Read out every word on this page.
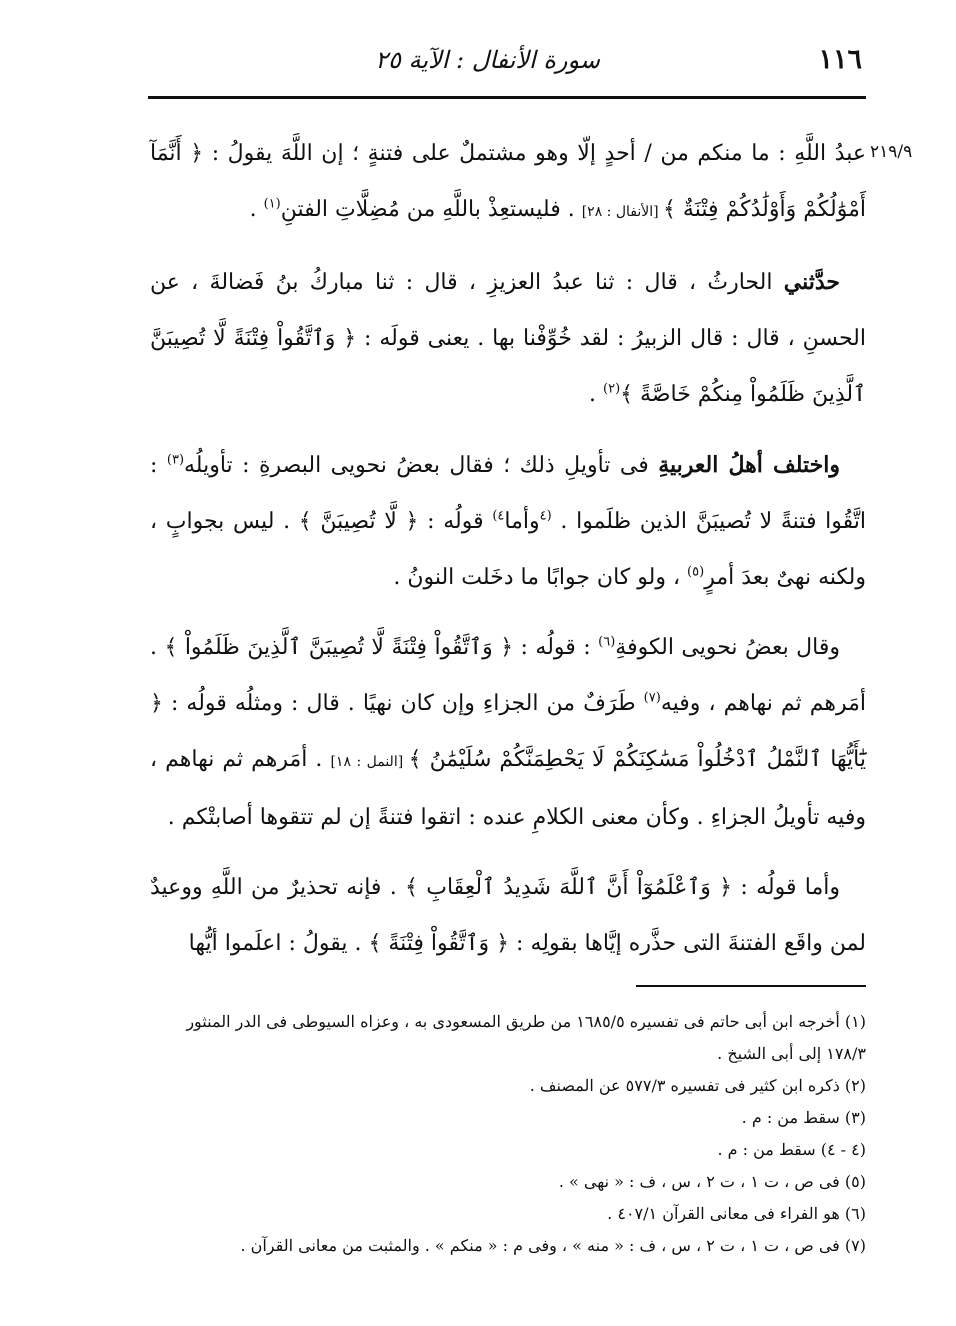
١١٦
سورة الأنفال : الآية ٢٥
٢١٩/٩

عبدُ اللَّهِ : ما منكم من / أحدٍ إلّا وهو مشتملٌ على فتنةٍ ؛ إن اللَّهَ يقولُ : ﴿ أَنَّمَآ أَمْوَٰلُكُمْ وَأَوْلَٰدُكُمْ فِتْنَةٌ ﴾ [الأنفال : ٢٨] . فليستعِذْ باللَّهِ من مُضِلَّاتِ الفتنِ$^{(١)}$ .

حدَّثني الحارثُ ، قال : ثنا عبدُ العزيزِ ، قال : ثنا مباركُ بنُ فَضالةَ ، عن الحسنِ ، قال : قال الزبيرُ : لقد خُوِّفْنا بها . يعنى قولَه : ﴿ وَٱتَّقُواْ فِتْنَةً لَّا تُصِيبَنَّ ٱلَّذِينَ ظَلَمُواْ مِنكُمْ خَاصَّةً ﴾$^{(٢)}$ .

واختلف أهلُ العربيةِ فى تأويلِ ذلك ؛ فقال بعضُ نحويى البصرةِ : تأويلُه$^{(٣)}$ : اتَّقُوا فتنةً لا تُصيبَنَّ الذين ظلَموا . $^{(٤}$وأما$^{٤)}$ قولُه : ﴿ لَّا تُصِيبَنَّ ﴾ . ليس بجوابٍ ، ولكنه نهىٌ بعدَ أمرٍ$^{(٥)}$ ، ولو كان جوابًا ما دخَلت النونُ .

وقال بعضُ نحويى الكوفةِ$^{(٦)}$ : قولُه : ﴿ وَٱتَّقُواْ فِتْنَةً لَّا تُصِيبَنَّ ٱلَّذِينَ ظَلَمُواْ ﴾ . أمَرهم ثم نهاهم ، وفيه$^{(٧)}$ طَرَفٌ من الجزاءِ وإن كان نهيًا . قال : ومثلُه قولُه : ﴿ يَٰٓأَيُّهَا ٱلنَّمْلُ ٱدْخُلُواْ مَسَٰكِنَكُمْ لَا يَحْطِمَنَّكُمْ سُلَيْمَٰنُ ﴾ [النمل : ١٨] . أمَرهم ثم نهاهم ، وفيه تأويلُ الجزاءِ . وكأن معنى الكلامِ عنده : اتقوا فتنةً إن لم تتقوها أصابتْكم .

وأما قولُه : ﴿ وَٱعْلَمُوٓاْ أَنَّ ٱللَّهَ شَدِيدُ ٱلْعِقَابِ ﴾ . فإنه تحذيرٌ من اللَّهِ ووعيدٌ لمن واقَع الفتنةَ التى حذَّره إيَّاها بقولِه : ﴿ وَٱتَّقُواْ فِتْنَةً ﴾ . يقولُ : اعلَموا أيُّها

(١) أخرجه ابن أبى حاتم فى تفسيره ١٦٨٥/٥ من طريق المسعودى به ، وعزاه السيوطى فى الدر المنثور ١٧٨/٣ إلى أبى الشيخ .

(٢) ذكره ابن كثير فى تفسيره ٥٧٧/٣ عن المصنف .

(٣) سقط من : م .

(٤ - ٤) سقط من : م .

(٥) فى ص ، ت ١ ، ت ٢ ، س ، ف : « نهى » .

(٦) هو الفراء فى معانى القرآن ٤٠٧/١ .

(٧) فى ص ، ت ١ ، ت ٢ ، س ، ف : « منه » ، وفى م : « منكم » . والمثبت من معانى القرآن .
